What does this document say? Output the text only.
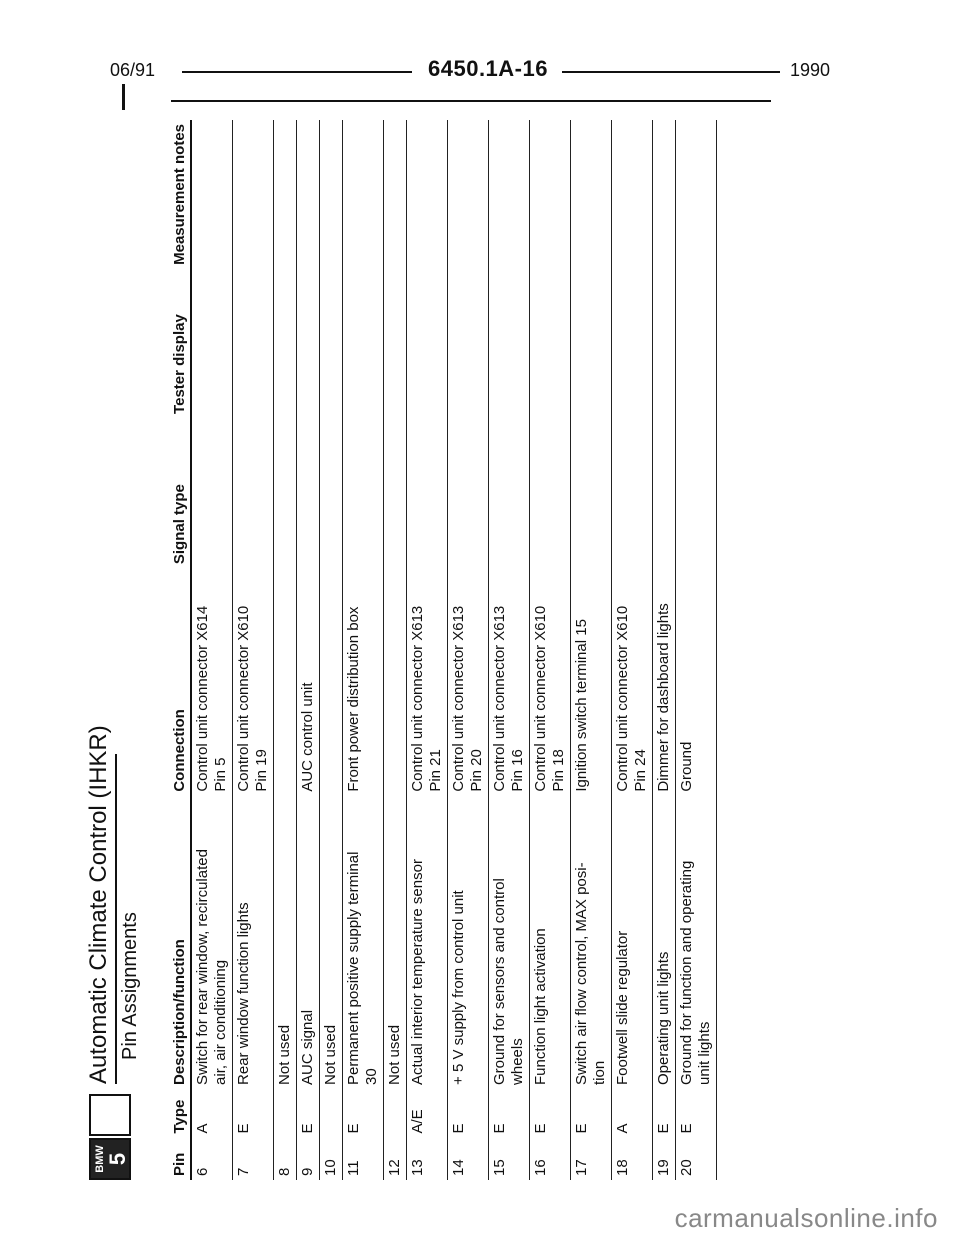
06/91	6450.1A-16	1990
BMW 5
Automatic Climate Control (IHKR) Pin Assignments
Pin	Type	Description/function	Connection	Signal type	Tester display	Measurement notes
6	A	Switch for rear window, recirculated air, air conditioning	Control unit connector X614 Pin 5			

7	E	Rear window function lights	Control unit connector X610 Pin 19			

8		Not used				

9	E	AUC signal	AUC control unit			

10		Not used				

11	E	Permanent positive supply terminal 30	Front power distribution box			

12		Not used				

13	A/E	Actual interior temperature sensor	Control unit connector X613 Pin 21			

14	E	+ 5 V supply from control unit	Control unit connector X613 Pin 20			

15	E	Ground for sensors and control wheels	Control unit connector X613 Pin 16			

16	E	Function light activation	Control unit connector X610 Pin 18			

17	E	Switch air flow control, MAX posi- tion	Ignition switch terminal 15			

18	A	Footwell slide regulator	Control unit connector X610 Pin 24			

19	E	Operating unit lights	Dimmer for dashboard lights			

20	E	Ground for function and operating unit lights	Ground			

carmanualsonline.info
